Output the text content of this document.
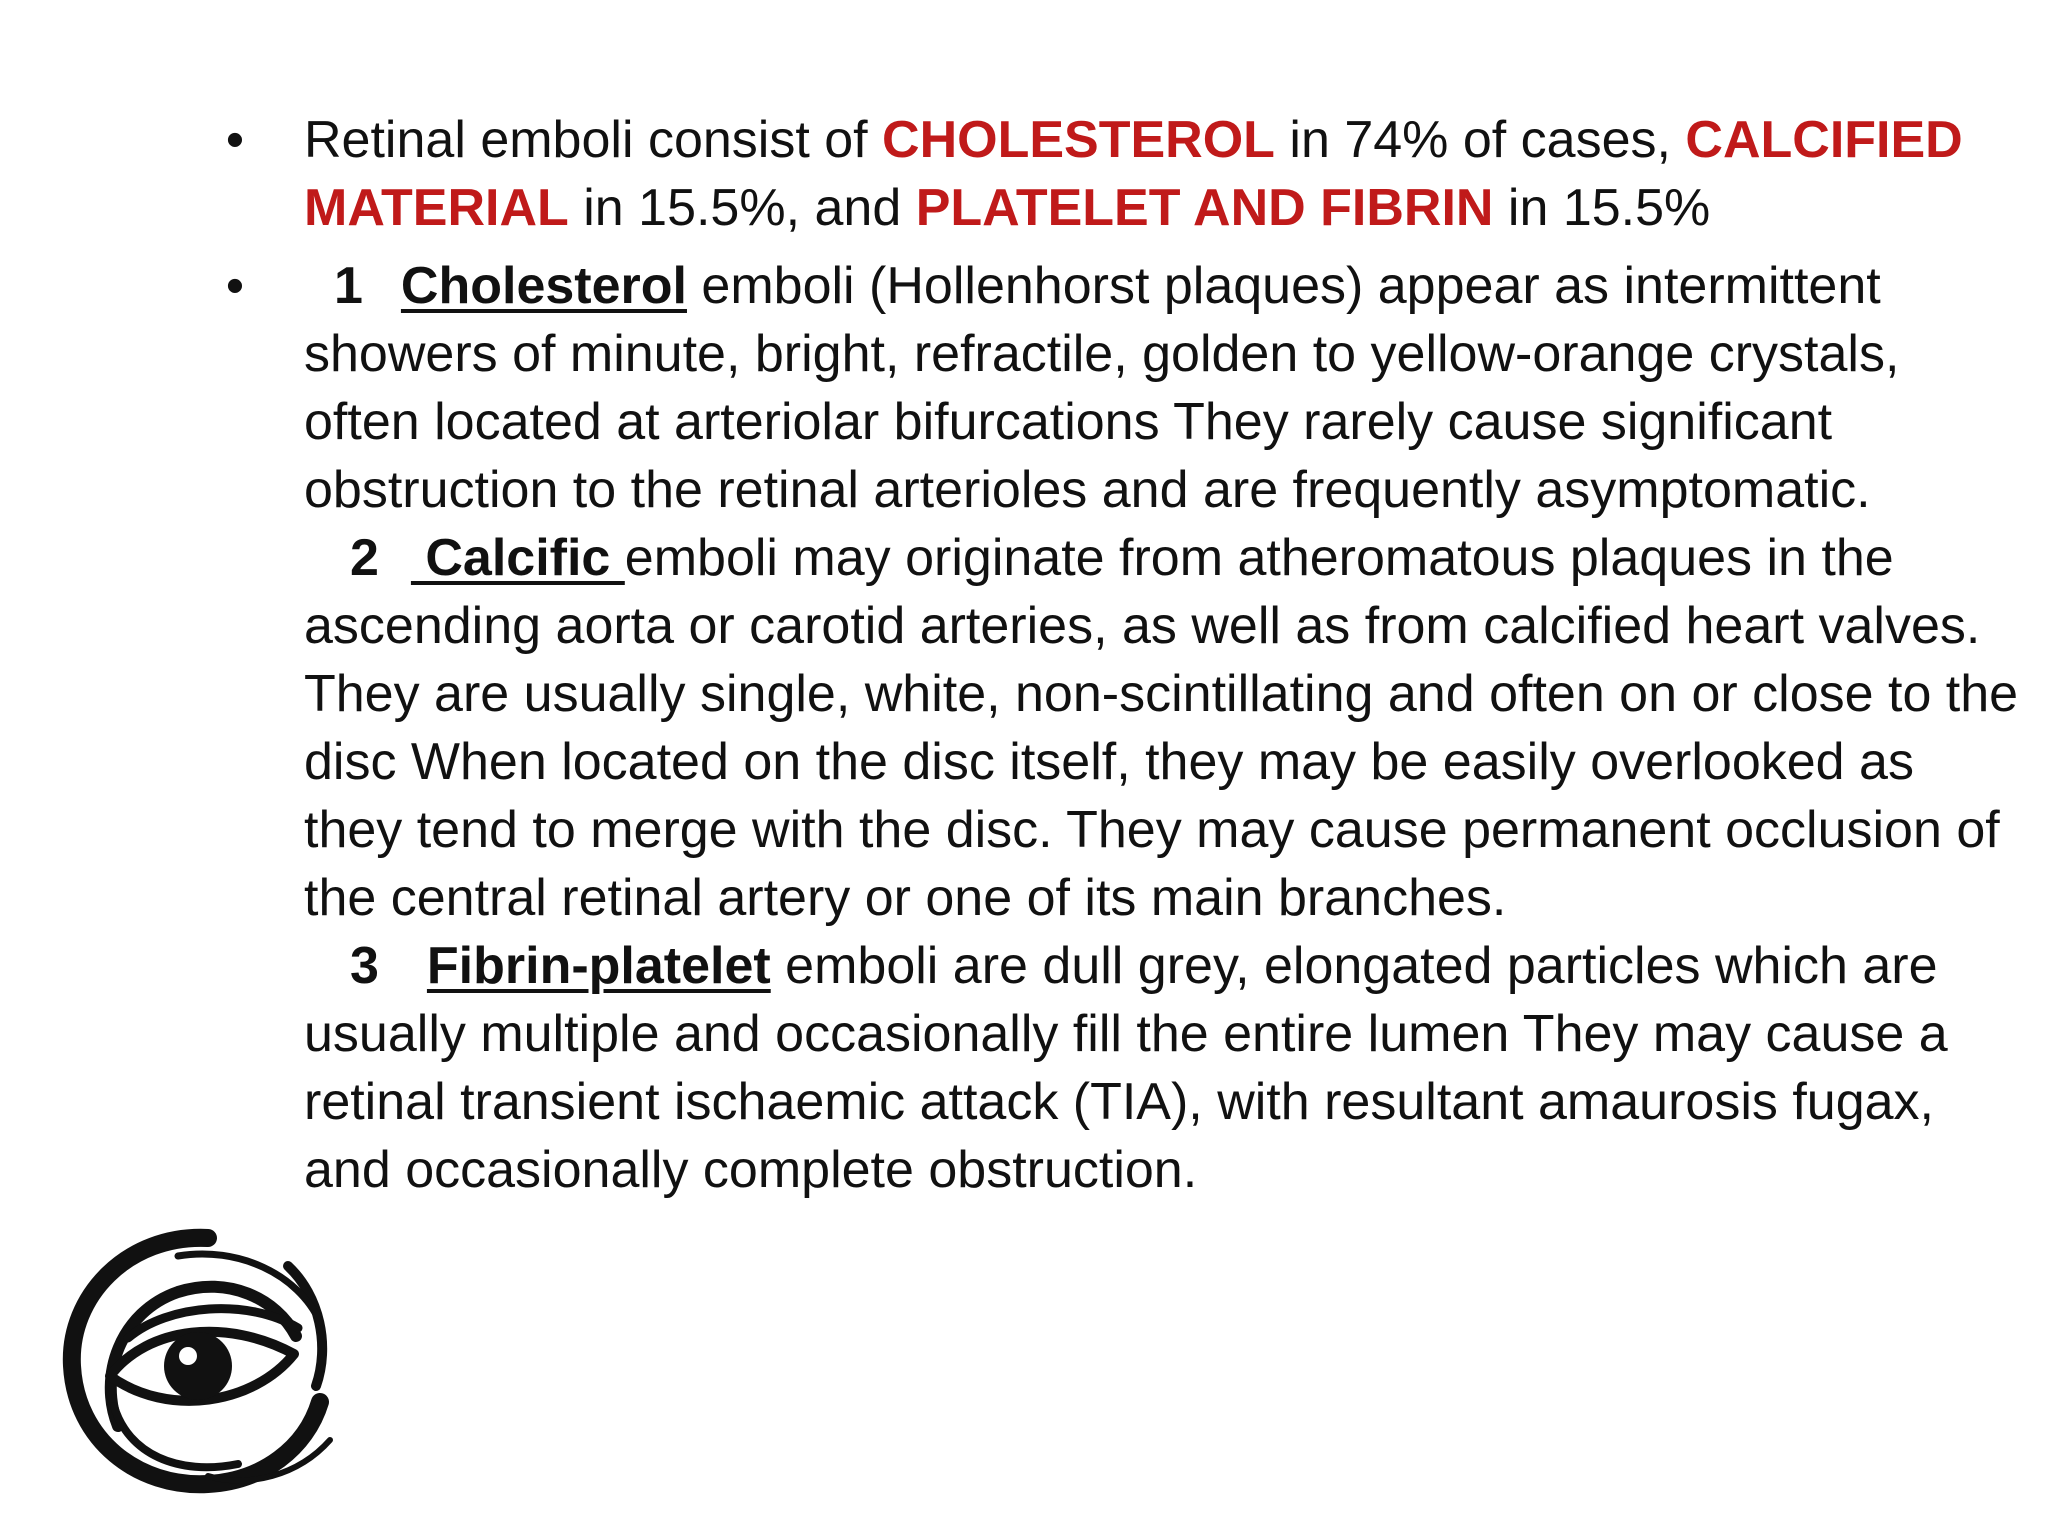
• Retinal emboli consist of CHOLESTEROL in 74% of cases, CALCIFIED MATERIAL in 15.5%, and PLATELET AND FIBRIN in 15.5%
•	1 Cholesterol emboli (Hollenhorst plaques) appear as intermittent showers of minute, bright, refractile, golden to yellow-orange crystals, often located at arteriolar bifurcations They rarely cause significant obstruction to the retinal arterioles and are frequently asymptomatic.
2 Calcific emboli may originate from atheromatous plaques in the ascending aorta or carotid arteries, as well as from calcified heart valves. They are usually single, white, non-scintillating and often on or close to the disc When located on the disc itself, they may be easily overlooked as they tend to merge with the disc. They may cause permanent occlusion of the central retinal artery or one of its main branches.
3 Fibrin-platelet emboli are dull grey, elongated particles which are usually multiple and occasionally fill the entire lumen They may cause a retinal transient ischaemic attack (TIA), with resultant amaurosis fugax, and occasionally complete obstruction.
